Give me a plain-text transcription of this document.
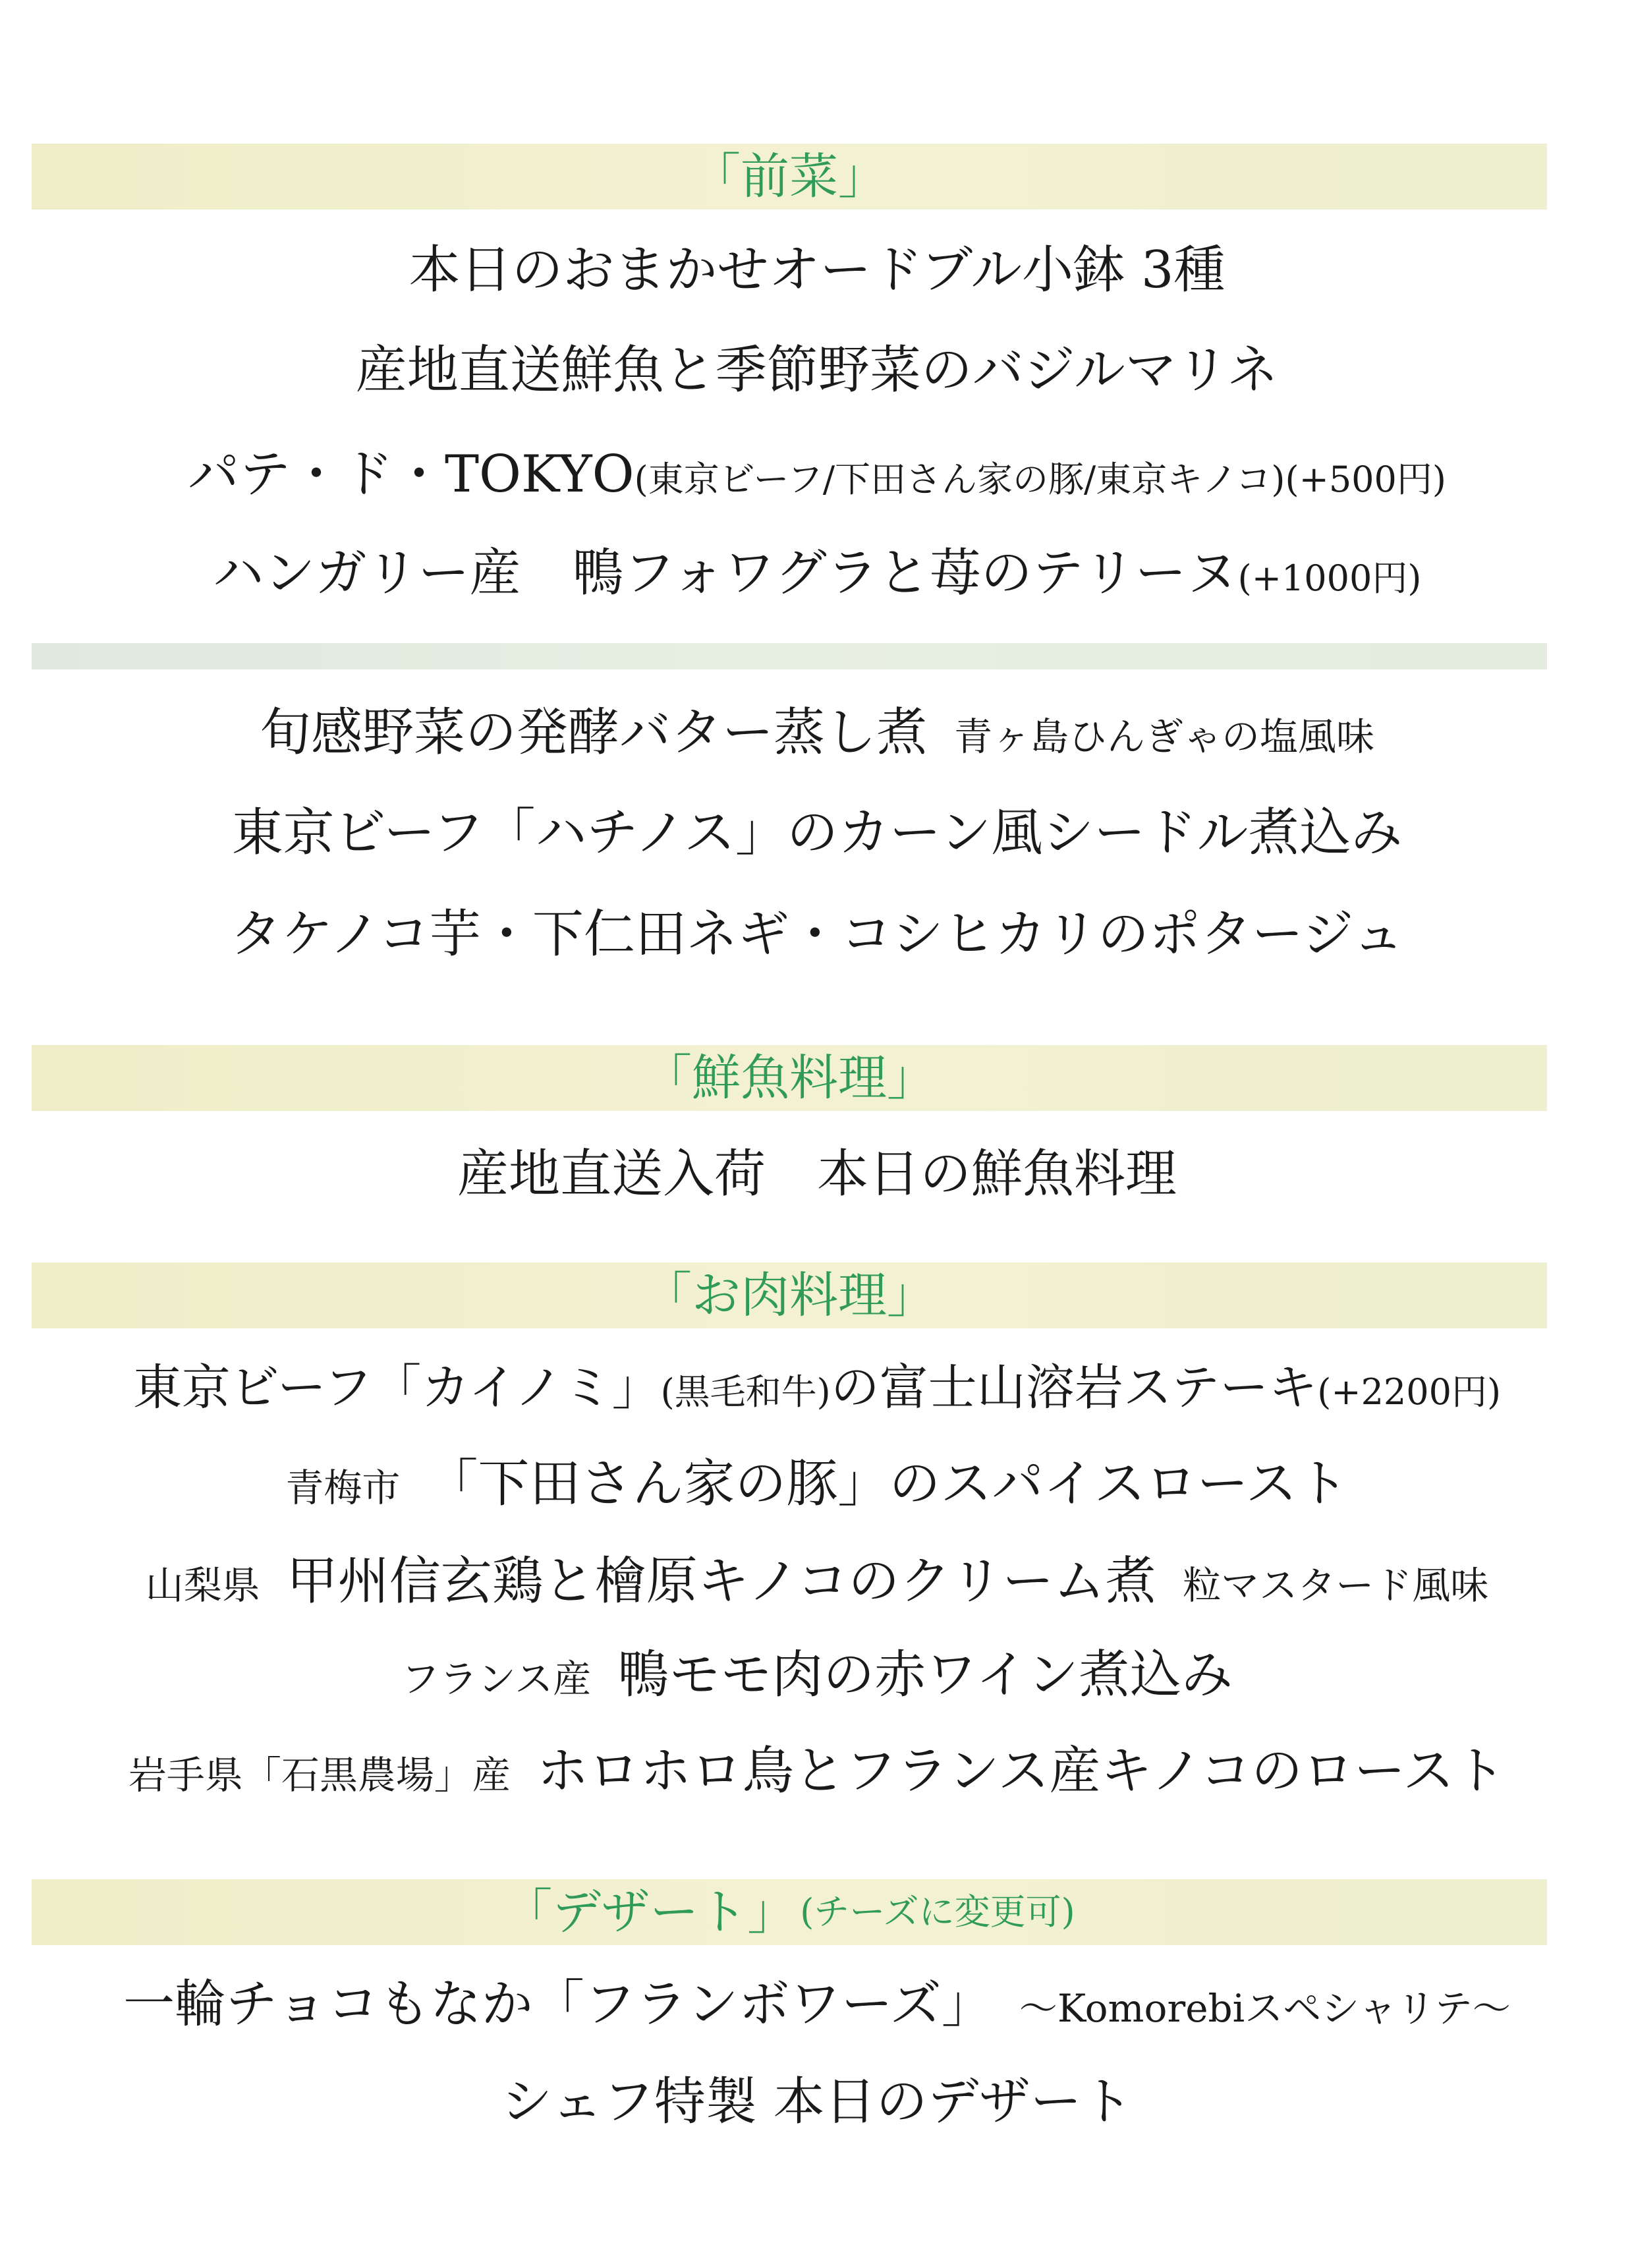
「前菜」
本日のおまかせオードブル小鉢 3種
産地直送鮮魚と季節野菜のバジルマリネ
パテ・ド・TOKYO(東京ビーフ/下田さん家の豚/東京キノコ)(+500円)
ハンガリー産　鴨フォワグラと苺のテリーヌ(+1000円)
旬感野菜の発酵バター蒸し煮 青ヶ島ひんぎゃの塩風味
東京ビーフ「ハチノス」のカーン風シードル煮込み
タケノコ芋・下仁田ネギ・コシヒカリのポタージュ
「鮮魚料理」
産地直送入荷　本日の鮮魚料理
「お肉料理」
東京ビーフ「カイノミ」(黒毛和牛)の富士山溶岩ステーキ(+2200円)
青梅市 「下田さん家の豚」のスパイスロースト
山梨県 甲州信玄鶏と檜原キノコのクリーム煮 粒マスタード風味
フランス産 鴨モモ肉の赤ワイン煮込み
岩手県「石黒農場」産 ホロホロ鳥とフランス産キノコのロースト
「デザート」 (チーズに変更可)
一輪チョコもなか「フランボワーズ」 ～Komorebiスペシャリテ～
シェフ特製 本日のデザート
